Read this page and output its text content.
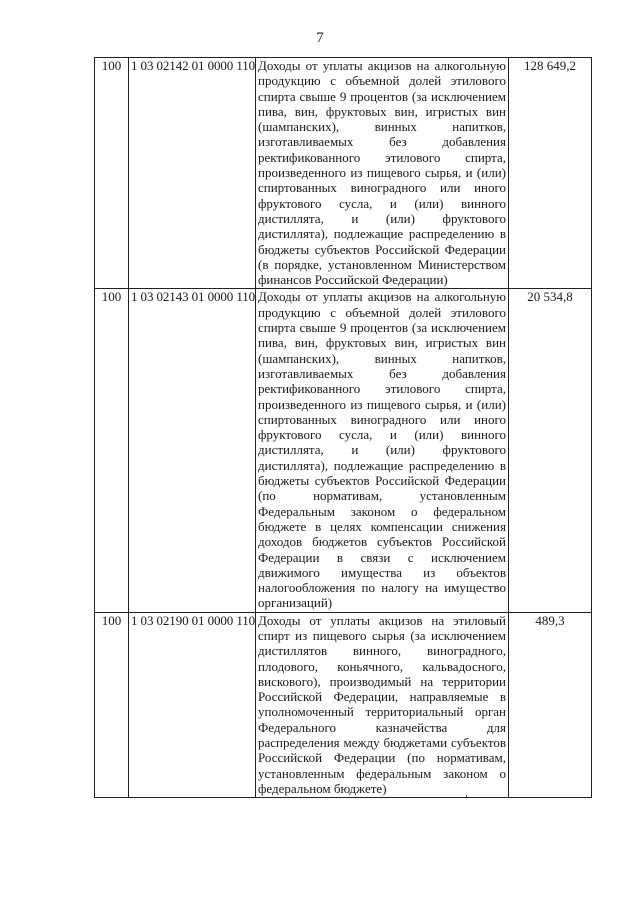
7
100	1 03 02142 01 0000 110	Доходы от уплаты акцизов на алкогольную продукцию с объемной долей этилового спирта свыше 9 процентов (за исключением пива, вин, фруктовых вин, игристых вин (шампанских), винных напитков, изготавливаемых без добавления ректификованного этилового спирта, произведенного из пищевого сырья, и (или) спиртованных виноградного или иного фруктового сусла, и (или) винного дистиллята, и (или) фруктового дистиллята), подлежащие распределению в бюджеты субъектов Российской Федерации (в порядке, установленном Министерством финансов Российской Федерации)	128 649,2
100	1 03 02143 01 0000 110	Доходы от уплаты акцизов на алкогольную продукцию с объемной долей этилового спирта свыше 9 процентов (за исключением пива, вин, фруктовых вин, игристых вин (шампанских), винных напитков, изготавливаемых без добавления ректификованного этилового спирта, произведенного из пищевого сырья, и (или) спиртованных виноградного или иного фруктового сусла, и (или) винного дистиллята, и (или) фруктового дистиллята), подлежащие распределению в бюджеты субъектов Российской Федерации (по нормативам, установленным Федеральным законом о федеральном бюджете в целях компенсации снижения доходов бюджетов субъектов Российской Федерации в связи с исключением движимого имущества из объектов налогообложения по налогу на имущество организаций)	20 534,8
100	1 03 02190 01 0000 110	Доходы от уплаты акцизов на этиловый спирт из пищевого сырья (за исключением дистиллятов винного, виноградного, плодового, коньячного, кальвадосного, вискового), производимый на территории Российской Федерации, направляемые в уполномоченный территориальный орган Федерального казначейства для распределения между бюджетами субъектов Российской Федерации (по нормативам, установленным федеральным законом о федеральном бюджете)	489,3
